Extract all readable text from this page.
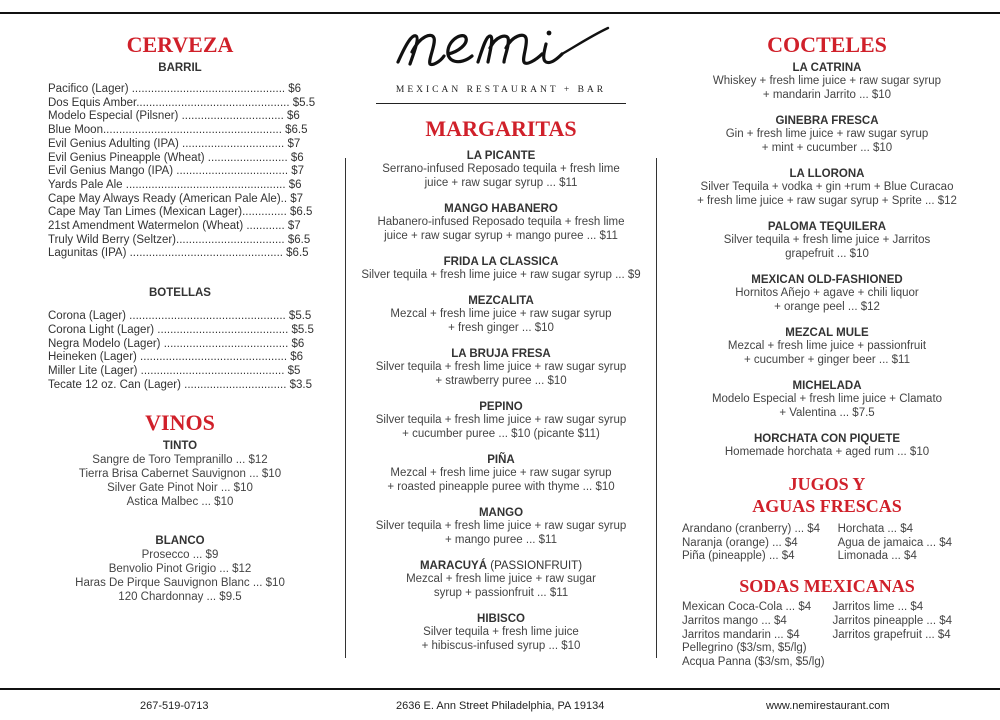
CERVEZA
BARRIL
Pacifico (Lager) ................................................ $6
Dos Equis Amber................................................ $5.5
Modelo Especial (Pilsner) ................................ $6
Blue Moon........................................................ $6.5
Evil Genius Adulting (IPA) ................................ $7
Evil Genius Pineapple (Wheat) ......................... $6
Evil Genius Mango (IPA) ................................... $7
Yards Pale Ale .................................................. $6
Cape May Always Ready (American Pale Ale).. $7
Cape May Tan Limes (Mexican Lager).............. $6.5
21st Amendment Watermelon (Wheat) ............ $7
Truly Wild Berry (Seltzer).................................. $6.5
Lagunitas (IPA) ................................................ $6.5
BOTELLAS
Corona (Lager) ................................................. $5.5
Corona Light (Lager) ......................................... $5.5
Negra Modelo (Lager) ....................................... $6
Heineken (Lager) .............................................. $6
Miller Lite (Lager) ............................................. $5
Tecate 12 oz. Can (Lager) ................................ $3.5
VINOS
TINTO
Sangre de Toro Tempranillo ... $12
Tierra Brisa Cabernet Sauvignon ... $10
Silver Gate Pinot Noir ... $10
Astica Malbec ... $10
BLANCO
Prosecco ... $9
Benvolio Pinot Grigio ... $12
Haras De Pirque Sauvignon Blanc ... $10
120 Chardonnay ... $9.5
MEXICAN RESTAURANT + BAR
MARGARITAS
LA PICANTE
Serrano-infused Reposado tequila + fresh lime
juice + raw sugar syrup ... $11
MANGO HABANERO
Habanero-infused Reposado tequila + fresh lime
juice + raw sugar syrup + mango puree ... $11
FRIDA LA CLASSICA
Silver tequila + fresh lime juice + raw sugar syrup ... $9
MEZCALITA
Mezcal + fresh lime juice + raw sugar syrup
+ fresh ginger ... $10
LA BRUJA FRESA
Silver tequila + fresh lime juice + raw sugar syrup
+ strawberry puree ... $10
PEPINO
Silver tequila + fresh lime juice + raw sugar syrup
+ cucumber puree ... $10 (picante $11)
PIÑA
Mezcal + fresh lime juice + raw sugar syrup
+ roasted pineapple puree with thyme ... $10
MANGO
Silver tequila + fresh lime juice + raw sugar syrup
+ mango puree ... $11
MARACUYÁ (PASSIONFRUIT)
Mezcal + fresh lime juice + raw sugar
syrup + passionfruit ... $11
HIBISCO
Silver tequila + fresh lime juice
+ hibiscus-infused syrup ... $10
COCTELES
LA CATRINA
Whiskey + fresh lime juice + raw sugar syrup
+ mandarin Jarrito ... $10
GINEBRA FRESCA
Gin + fresh lime juice + raw sugar syrup
+ mint + cucumber ... $10
LA LLORONA
Silver Tequila + vodka + gin +rum + Blue Curacao
+ fresh lime juice + raw sugar syrup + Sprite ... $12
PALOMA TEQUILERA
Silver tequila + fresh lime juice + Jarritos
grapefruit ... $10
MEXICAN OLD-FASHIONED
Hornitos Añejo + agave + chili liquor
+ orange peel ... $12
MEZCAL MULE
Mezcal + fresh lime juice + passionfruit
+ cucumber + ginger beer ... $11
MICHELADA
Modelo Especial + fresh lime juice + Clamato
+ Valentina ... $7.5
HORCHATA CON PIQUETE
Homemade horchata + aged rum ... $10
JUGOS Y
AGUAS FRESCAS
Arandano (cranberry) ... $4
Naranja (orange) ... $4
Piña (pineapple) ... $4
Horchata ... $4
Agua de jamaica ... $4
Limonada ... $4
SODAS MEXICANAS
Mexican Coca-Cola ... $4
Jarritos mango ... $4
Jarritos mandarin ... $4
Pellegrino ($3/sm, $5/lg)
Acqua Panna ($3/sm, $5/lg)
Jarritos lime ... $4
Jarritos pineapple ... $4
Jarritos grapefruit ... $4
267-519-0713	2636 E. Ann Street Philadelphia, PA 19134	www.nemirestaurant.com
